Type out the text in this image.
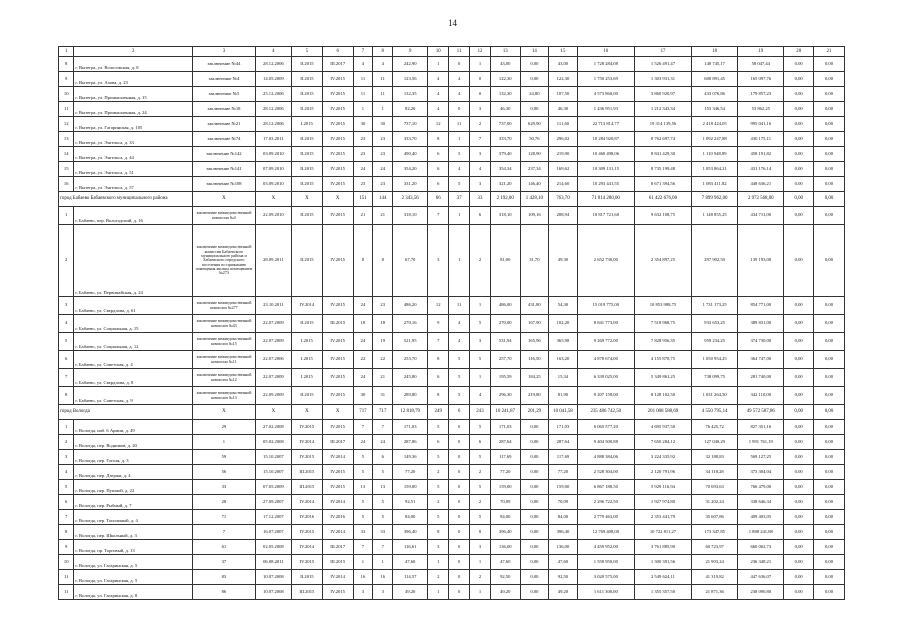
14
1	2	3	4	5	6	7	8	9	10	11	12	13	14	15	16	17	18	19	20	21
8	г. Вытегра, ул. Волосовская, д. 8	заключение №44	28.12.2006	II.2015	III.2017	4	4	242,90	1	0	1	43,00	0,00	43,00	1 728 284,08	1 526 491,47	140 745,17	58 047,44	0,00	0,00
9	г. Вытегра, ул. Ахова, д. 23	заключение №4	14.05.2009	II.2015	IV.2015	11	11	123,56	4	4	0	122,30	0,00	122,30	1 750 253,69	1 303 931,31	600 891,45	165 097,76	0,00	0,00
10	г. Вытегра, ул. Промышленная, д. 15	заключение №5	25.12.2006	II.2015	IV.2015	11	11	132,35	4	4	0	132,30	24,80	107,50	4 573 860,00	3 860 920,97	433 076,86	179 857,23	0,00	0,00
11	г. Вытегра, ул. Промышленная, д. 24	заключение №18	28.12.2006	II.2015	IV.2015	1	1	82,20	4	0	3	46,30	0,00	46,30	1 436 951,93	1 212 343,34	153 346,54	53 862,25	0,00	0,00
12	г. Вытегра, ул. Гагаринская, д. 105	заключение №21	28.12.2006	I.2015	IV.2015	30	30	737,10	12	11	2	737,00	629,90	111,60	22 713 814,77	19 314 139,56	2 418 424,05	995 041,16	0,00	0,00
13	г. Вытегра, ул. Энгельса, д. 33	заключение №74	17.03.2011	II.2015	IV.2015	23	23	333,70	8	1	7	333,70	50,76	296,02	10 284 920,87	8 762 697,74	1 092 247,88	430 175,11	0,00	0,00
14	г. Вытегра, ул. Энгельса, д. 44	заключение №142	03.09.2010	II.2015	IV.2015	23	23	490,40	6	5	3	379,40	128,90	219,90	10 460 498,06	8 841 429,30	1 110 948,89	458 191,82	0,00	0,00
15	г. Вытегра, ул. Энгельса, д. 51	заключение №141	07.09.2010	II.2015	IV.2015	24	24	354,20	6	4	4	354,34	237,34	169,62	10 309 131,15	8 735 199,48	1 053 864,21	431 176,14	0,00	0,00
16	г. Вытегра, ул. Энгельса, д. 57	заключение №108	03.09.2010	II.2015	IV.2015	23	23	331,20	6	5	3	321,20	146,40	214,60	10 293 441,55	8 671 394,56	1 083 411,82	448 636,21	0,00	0,00
город Бабаево Бабаевского муниципального района		Х	Х	Х	Х	151	144	2 343,56	66	37	33	2 192,00	1 428,10	763,70	71 814 280,00	61 422 676,00	7 899 962,00	2 972 568,00	0,00	0,00
1	г. Бабаево, пер. Вологодский, д. 16	заключение межведомственной комиссии №4	22.09.2010	II.2015	IV.2015	21	21	318,10	7	1	6	318,10	109,16	208,94	10 817 721,60	9 632 108,75	1 148 855,25	434 711,00	0,00	0,00
2	г. Бабаево, ул. Первомайская, д. 24	заключение межведомственной комиссии Бабаевского муниципального района и Бабаевского городского поселения по признанию помещения жилым помещением №273	28.09.2011	II.2015	IV.2015	8	8	67,70	3	1	2	81,00	31,70	49,30	2 652 730,00	2 354 897,25	297 902,50	139 193,00	0,00	0,00
3	г. Бабаево, ул. Свердлова, д. 61	заключение межведомственной комиссии №277	23.10.2011	IV.2014	IV.2015	24	23	486,20	12	11	1	486,00	431,80	54,30	15 019 775,00	10 853 988,75	1 731 173,25	854 771,00	0,00	0,00
4	г. Бабаево, ул. Социальная, д. 15	заключение межведомственной комиссии №43	22.07.2009	II.2015	III.2015	18	18	270,16	9	4	5	270,00	167,90	102,20	8 841 773,00	7 518 968,75	933 653,25	389 831,00	0,00	0,00
5	г. Бабаево, ул. Социальная, д. 12	заключение межведомственной комиссии №15	22.07.2009	I.2015	IV.2015	24	19	521,95	7	4	3	531,94	165,96	365,98	9 269 772,00	7 828 956,35	959 234,25	374 730,00	0,00	0,00
6	г. Бабаево, ул. Советская, д. 4	заключение межведомственной комиссии №11	22.07.2006	I.2015	IV.2015	22	22	253,70	8	5	5	257,70	116,50	163,20	4 878 674,00	4 155 870,75	1 050 954,25	364 747,00	0,00	0,00
7	г. Бабаево, ул. Свердлова, д. 8	заключение межведомственной комиссии №12	22.07.2009	I.2015	IV.2015	24	21	245,80	6	5	1	195,59	184,25	15,34	6 339 025,00	5 349 861,25	738 099,75	281 740,00	0,00	0,00
8	г. Бабаево, ул. Советская, д. 9	заключение межведомственной комиссии №13	22.09.2009	II.2015	IV.2015	30	31	289,80	8	5	4	296,30	219,80	81,90	9 207 158,00	8 128 102,50	1 031 264,50	342 110,00	0,00	0,00
город Вологда		Х	Х	Х	Х	717	717	12 818,79	249	6	243	10 241,87	201,29	10 041,58	235 486 742,50	201 008 588,69	4 550 795,14	49 572 587,86	0,00	0,00
1	г. Вологда, наб. 6 Армии, д. 49	29	27.02.2008	IV.2015	IV.2015	7	7	171,03	5	0	5	171,03	0,00	171,03	6 065 577,20	4 695 937,50	76 425,72	827 351,16	0,00	0,00
2	г. Вологда, пер. Водников, д. 20	1	05.02.2008	IV.2014	III.2017	24	24	287,86	6	0	6	287,64	0,00	287,64	9 404 500,88	7 650 284,12	127 040,29	1 991 761,19	0,00	0,00
3	г. Вологда, пер. Гоголя, д. 3	59	15.10.2007	IV.2015	IV.2014	5	6	149,36	5	0	5	117,69	0,00	117,69	4 888 384,06	3 224 335,92	32 188,83	569 127,25	0,00	0,00
4	г. Вологда, пер. Дзержи, д. 4	56	15.10.2007	III.2015	IV.2015	5	5	77,20	2	0	2	77,20	0,00	77,20	2 528 304,00	2 120 791,96	34 118,28	373 304,04	0,00	0,00
5	г. Вологда, пер. Пушной, д. 22	33	07.05.2009	III.2015	IV.2015	13	13	159,00	5	0	5	159,00	0,00	159,00	6 867 188,50	5 929 116,94	70 693,63	766 479,00	0,00	0,00
6	г. Вологда, пер. Рыбный, д. 7	28	27.09.2007	IV.2014	IV.2014	5	5	92,51	2	0	2	70,09	0,00	70,09	2 296 722,50	1 927 974,80	31 202,24	338 646,34	0,00	0,00
7	г. Вологда, пер. Тополиный, д. 4	71	17.12.2007	IV.2016	IV.2016	5	5	84,00	5	0	5	84,00	0,00	84,00	2 779 463,00	2 353 441,79	35 607,86	409 403,05	0,00	0,00
8	г. Вологда, пер. Школьный, д. 3	7	16.07.2007	IV.2015	IV.2014	33	33	396,40	8	0	8	396,40	0,00	396,40	12 769 408,00	10 722 811,27	173 347,85	1 888 241,88	0,00	0,00
9	г. Вологда, пр. Торговый, д. 13	61	02.05.2008	IV.2014	III.2017	7	7	116,61	3	0	3	136,00	0,00	136,00	4 459 952,00	3 761 885,90	60 723,97	660 002,73	0,00	0,00
10	г. Вологда, ул. Гагаринская, д. 5	37	06.08.2011	IV.2015	III.2015	1	1	47,60	1	0	1	47,60	0,00	47,60	1 558 950,00	1 300 391,56	21 903,24	236 348,21	0,00	0,00
11	г. Вологда, ул. Гагаринская, д. 5	83	10.07.2008	II.2015	IV.2014	16	16	114,57	2	0	2	92,50	0,00	92,50	3 020 575,00	2 549 624,11	41 319,82	447 636,07	0,00	0,00
11	г. Вологда, ул. Гагаринская, д. 8	86	10.07.2008	III.2015	IV.2015	3	3	49,20	1	0	1	49,20	0,00	49,20	1 611 300,00	1 355 357,50	21 871,36	238 090,80	0,00	0,00
